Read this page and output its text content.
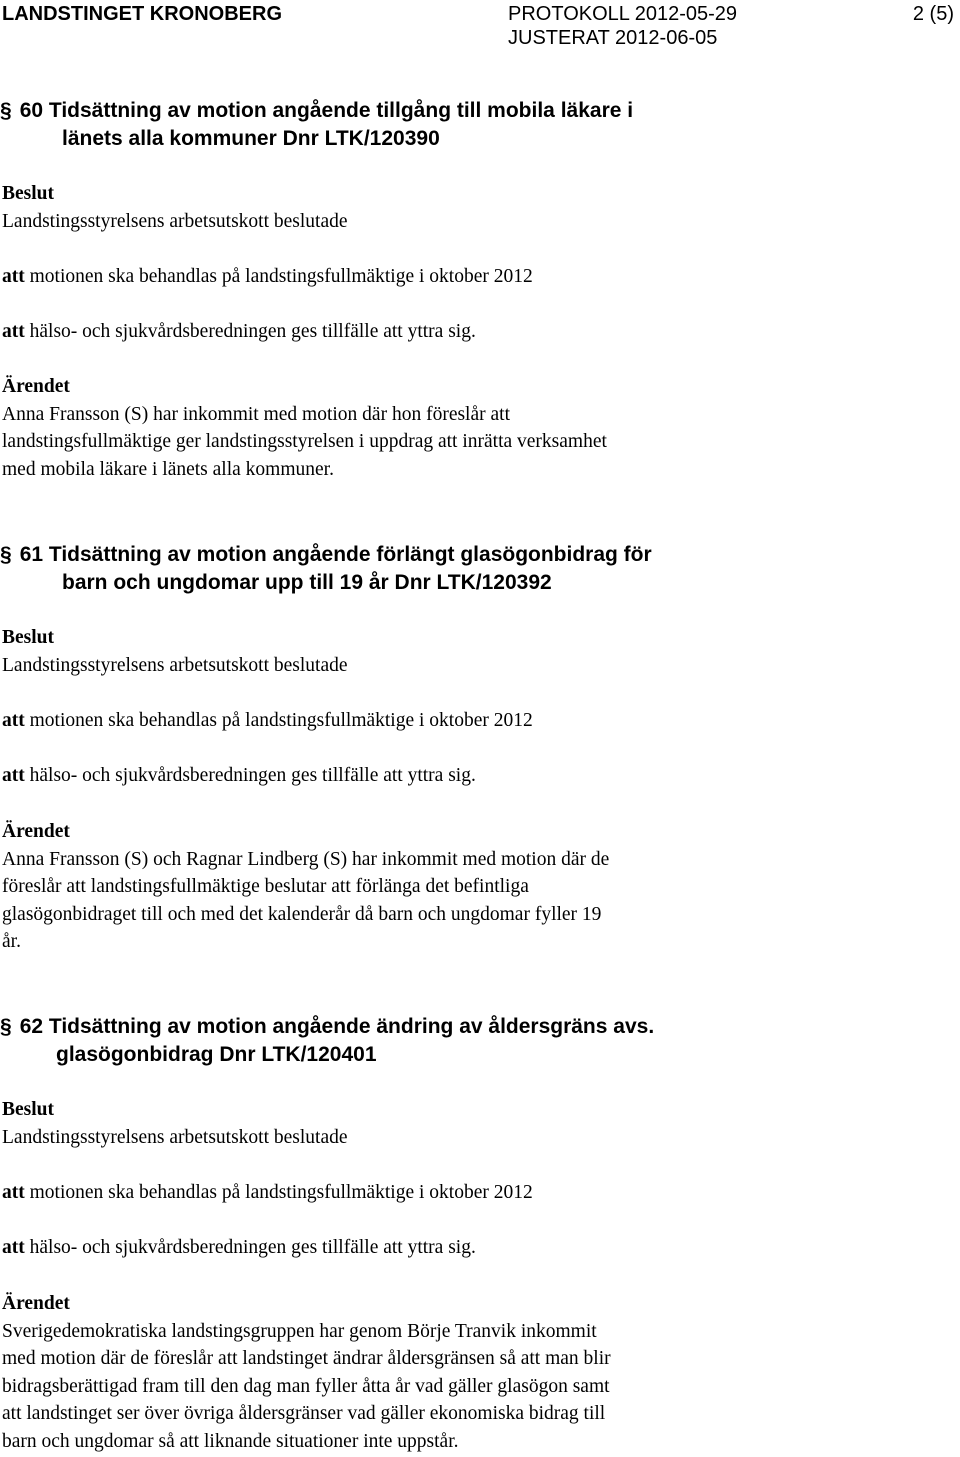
LANDSTINGET KRONOBERG	PROTOKOLL 2012-05-29
JUSTERAT 2012-06-05
2 (5)
§ 60 Tidsättning av motion angående tillgång till mobila läkare i
länets alla kommuner Dnr LTK/120390
Beslut
Landstingsstyrelsens arbetsutskott beslutade
att motionen ska behandlas på landstingsfullmäktige i oktober 2012
att hälso- och sjukvårdsberedningen ges tillfälle att yttra sig.
Ärendet
Anna Fransson (S) har inkommit med motion där hon föreslår att
landstingsfullmäktige ger landstingsstyrelsen i uppdrag att inrätta verksamhet
med mobila läkare i länets alla kommuner.
§ 61 Tidsättning av motion angående förlängt glasögonbidrag för
barn och ungdomar upp till 19 år Dnr LTK/120392
Beslut
Landstingsstyrelsens arbetsutskott beslutade
att motionen ska behandlas på landstingsfullmäktige i oktober 2012
att hälso- och sjukvårdsberedningen ges tillfälle att yttra sig.
Ärendet
Anna Fransson (S) och Ragnar Lindberg (S) har inkommit med motion där de
föreslår att landstingsfullmäktige beslutar att förlänga det befintliga
glasögonbidraget till och med det kalenderår då barn och ungdomar fyller 19
år.
§ 62 Tidsättning av motion angående ändring av åldersgräns avs.
glasögonbidrag Dnr LTK/120401
Beslut
Landstingsstyrelsens arbetsutskott beslutade
att motionen ska behandlas på landstingsfullmäktige i oktober 2012
att hälso- och sjukvårdsberedningen ges tillfälle att yttra sig.
Ärendet
Sverigedemokratiska landstingsgruppen har genom Börje Tranvik inkommit
med motion där de föreslår att landstinget ändrar åldersgränsen så att man blir
bidragsberättigad fram till den dag man fyller åtta år vad gäller glasögon samt
att landstinget ser över övriga åldersgränser vad gäller ekonomiska bidrag till
barn och ungdomar så att liknande situationer inte uppstår.
